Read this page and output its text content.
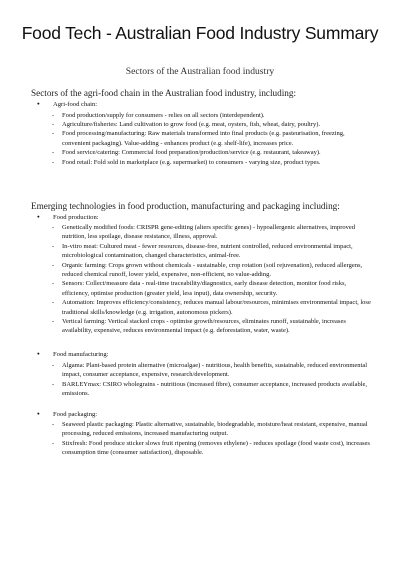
Food Tech - Australian Food Industry Summary
Sectors of the Australian food industry
Sectors of the agri-food chain in the Australian food industry, including:
● Agri-food chain:
- Food production/supply for consumers - relies on all sectors (interdependent).
- Agriculture/fisheries: Land cultivation to grow food (e.g. meat, oysters, fish, wheat, dairy, poultry).
- Food processing/manufacturing: Raw materials transformed into final products (e.g. pasteurisation, freezing, convenient packaging). Value-adding - enhances product (e.g. shelf-life), increases price.
- Food service/catering: Commercial food preparation/production/service (e.g. restaurant, takeaway).
- Food retail: Fold sold in marketplace (e.g. supermarket) to consumers - varying size, product types.
Emerging technologies in food production, manufacturing and packaging including:
● Food production:
- Genetically modified foods: CRISPR gene-editing (alters specific genes) - hypoallergenic alternatives, improved nutrition, less spoilage, disease resistance, illness, approval.
- In-vitro meat: Cultured meat - fewer resources, disease-free, nutrient controlled, reduced environmental impact, microbiological contamination, changed characteristics, animal-free.
- Organic farming: Crops grown without chemicals - sustainable, crop rotation (soil rejuvenation), reduced allergens, reduced chemical runoff, lower yield, expensive, non-efficient, no value-adding.
- Sensors: Collect/measure data - real-time traceability/diagnostics, early disease detection, monitor food risks, efficiency, optimise production (greater yield, less input), data ownership, security.
- Automation: Improves efficiency/consistency, reduces manual labour/resources, minimises environmental impact, lose traditional skills/knowledge (e.g. irrigation, autonomous pickers).
- Vertical farming: Vertical stacked crops - optimise growth/resources, eliminates runoff, sustainable, increases availability, expensive, reduces environmental impact (e.g. deforestation, water, waste).
● Food manufacturing:
- Algama: Plant-based protein alternative (microalgae) - nutritious, health benefits, sustainable, reduced environmental impact, consumer acceptance, expensive, research/development.
- BARLEYmax: CSIRO wholegrains - nutritious (increased fibre), consumer acceptance, increased products available, emissions.
● Food packaging:
- Seaweed plastic packaging: Plastic alternative, sustainable, biodegradable, moisture/heat resistant, expensive, manual processing, reduced emissions, increased manufacturing output.
- Stixfresh: Food produce sticker slows fruit ripening (removes ethylene) - reduces spoilage (food waste cost), increases consumption time (consumer satisfaction), disposable.
